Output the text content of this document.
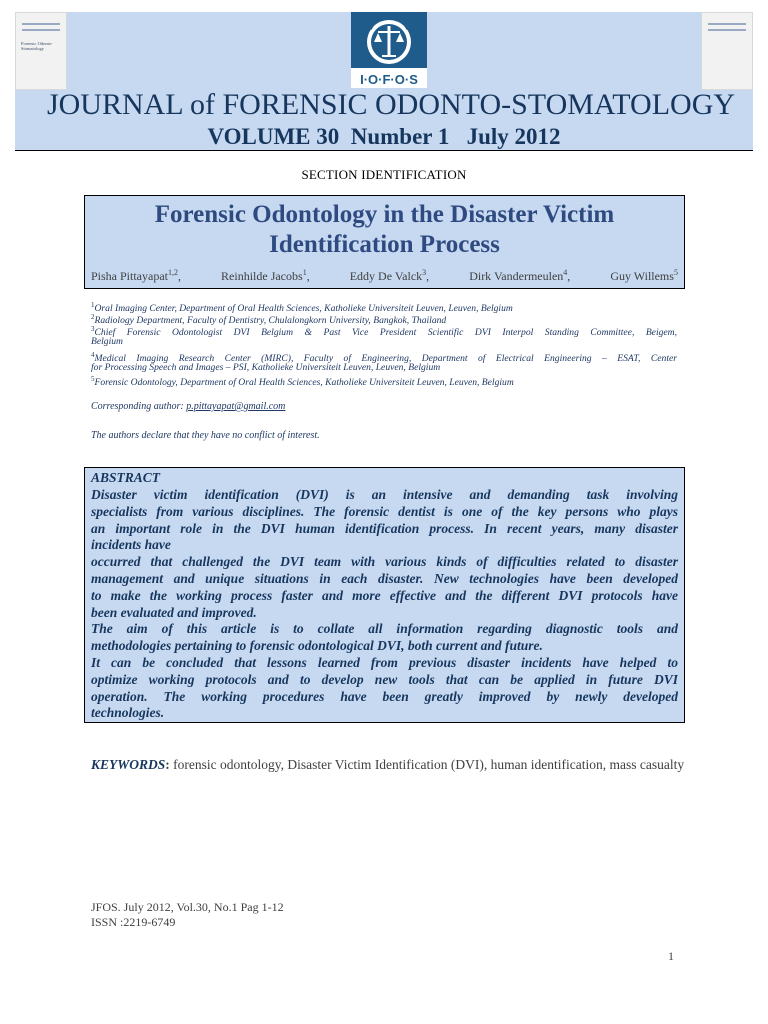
Forensic Odonto-Stomatology
I·O·F·O·S
JOURNAL of FORENSIC ODONTO-STOMATOLOGY
VOLUME 30  Number 1   July 2012
SECTION IDENTIFICATION
Forensic Odontology in the Disaster Victim
Identification Process
Pisha Pittayapat$^{1,2}$,	Reinhilde Jacobs$^1$,	Eddy De Valck$^3$,	Dirk Vandermeulen$^4$,	Guy Willems$^5$
$^1$Oral Imaging Center, Department of Oral Health Sciences, Katholieke Universiteit Leuven, Leuven, Belgium
$^2$Radiology Department, Faculty of Dentistry, Chulalongkorn University, Bangkok, Thailand
$^3$Chief Forensic Odontologist DVI Belgium & Past Vice President Scientific DVI Interpol Standing Committee, Beigem,
Belgium
$^4$Medical Imaging Research Center (MIRC), Faculty of Engineering, Department of Electrical Engineering – ESAT, Center
for Processing Speech and Images – PSI, Katholieke Universiteit Leuven, Leuven, Belgium
$^5$Forensic Odontology, Department of Oral Health Sciences, Katholieke Universiteit Leuven, Leuven, Belgium
Corresponding author: p.pittayapat@gmail.com
The authors declare that they have no conflict of interest.
ABSTRACT
Disaster victim identification (DVI) is an intensive and demanding task involving
specialists from various disciplines. The forensic dentist is one of the key persons who plays
an important role in the DVI human identification process. In recent years, many disaster
incidents have
occurred that challenged the DVI team with various kinds of difficulties related to disaster
management and unique situations in each disaster. New technologies have been developed
to make the working process faster and more effective and the different DVI protocols have
been evaluated and improved.
The aim of this article is to collate all information regarding diagnostic tools and
methodologies pertaining to forensic odontological DVI, both current and future.
It can be concluded that lessons learned from previous disaster incidents have helped to
optimize working protocols and to develop new tools that can be applied in future DVI
operation. The working procedures have been greatly improved by newly developed
technologies.
KEYWORDS: forensic odontology, Disaster Victim Identification (DVI), human identification, mass casualty
JFOS. July 2012, Vol.30, No.1 Pag 1-12
ISSN :2219-6749
1
